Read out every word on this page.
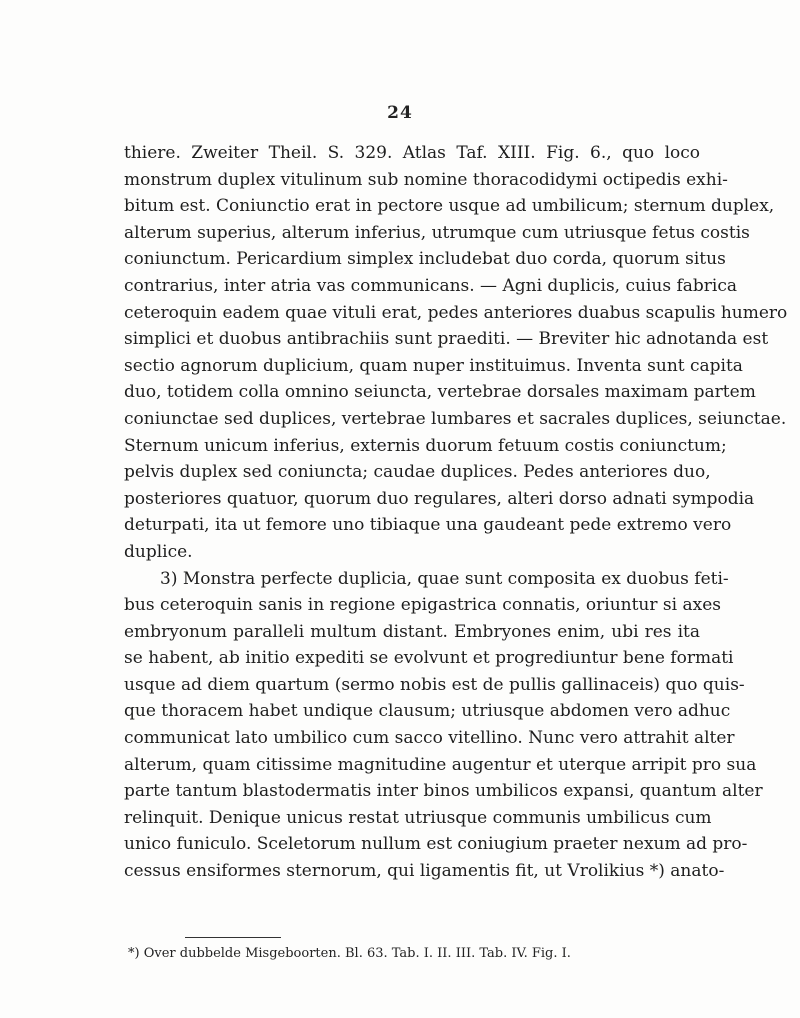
24
thiere. Zweiter Theil. S. 329. Atlas Taf. XIII. Fig. 6., quo loco
monstrum duplex vitulinum sub nomine thoracodidymi octipedis exhi-
bitum est. Coniunctio erat in pectore usque ad umbilicum; sternum duplex,
alterum superius, alterum inferius, utrumque cum utriusque fetus costis
coniunctum. Pericardium simplex includebat duo corda, quorum situs
contrarius, inter atria vas communicans. — Agni duplicis, cuius fabrica
ceteroquin eadem quae vituli erat, pedes anteriores duabus scapulis humero
simplici et duobus antibrachiis sunt praediti. — Breviter hic adnotanda est
sectio agnorum duplicium, quam nuper instituimus. Inventa sunt capita
duo, totidem colla omnino seiuncta, vertebrae dorsales maximam partem
coniunctae sed duplices, vertebrae lumbares et sacrales duplices, seiunctae.
Sternum unicum inferius, externis duorum fetuum costis coniunctum;
pelvis duplex sed coniuncta; caudae duplices. Pedes anteriores duo,
posteriores quatuor, quorum duo regulares, alteri dorso adnati sympodia
deturpati, ita ut femore uno tibiaque una gaudeant pede extremo vero
duplice.
3) Monstra perfecte duplicia, quae sunt composita ex duobus feti-
bus ceteroquin sanis in regione epigastrica connatis, oriuntur si axes
embryonum paralleli multum distant. Embryones enim, ubi res ita
se habent, ab initio expediti se evolvunt et progrediuntur bene formati
usque ad diem quartum (sermo nobis est de pullis gallinaceis) quo quis-
que thoracem habet undique clausum; utriusque abdomen vero adhuc
communicat lato umbilico cum sacco vitellino. Nunc vero attrahit alter
alterum, quam citissime magnitudine augentur et uterque arripit pro sua
parte tantum blastodermatis inter binos umbilicos expansi, quantum alter
relinquit. Denique unicus restat utriusque communis umbilicus cum
unico funiculo. Sceletorum nullum est coniugium praeter nexum ad pro-
cessus ensiformes sternorum, qui ligamentis fit, ut Vrolikius *) anato-
*) Over dubbelde Misgeboorten. Bl. 63. Tab. I. II. III. Tab. IV. Fig. I.
